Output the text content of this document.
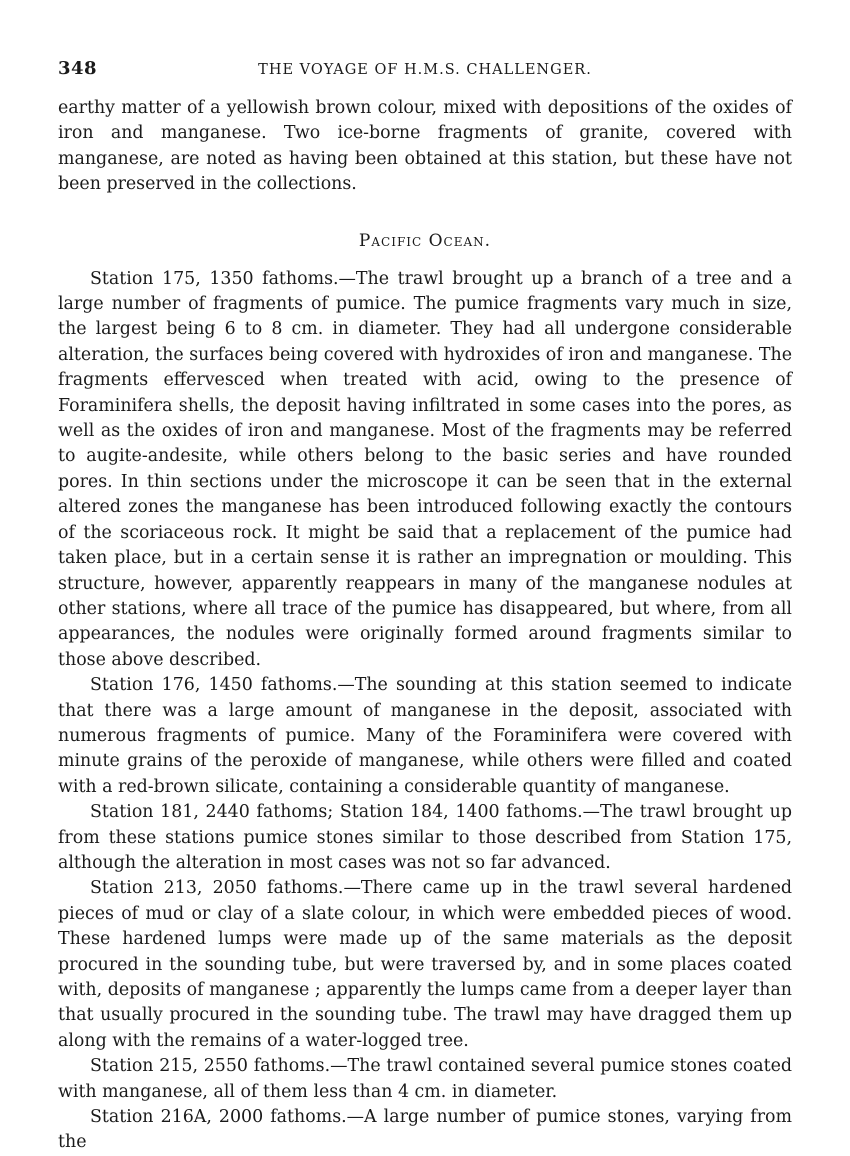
348	THE VOYAGE OF H.M.S. CHALLENGER.

earthy matter of a yellowish brown colour, mixed with depositions of the oxides of iron and manganese. Two ice-borne fragments of granite, covered with manganese, are noted as having been obtained at this station, but these have not been preserved in the collections.

Pacific Ocean.

Station 175, 1350 fathoms.—The trawl brought up a branch of a tree and a large number of fragments of pumice. The pumice fragments vary much in size, the largest being 6 to 8 cm. in diameter. They had all undergone considerable alteration, the surfaces being covered with hydroxides of iron and manganese. The fragments effervesced when treated with acid, owing to the presence of Foraminifera shells, the deposit having infiltrated in some cases into the pores, as well as the oxides of iron and manganese. Most of the fragments may be referred to augite-andesite, while others belong to the basic series and have rounded pores. In thin sections under the microscope it can be seen that in the external altered zones the manganese has been introduced following exactly the contours of the scoriaceous rock. It might be said that a replacement of the pumice had taken place, but in a certain sense it is rather an impregnation or moulding. This structure, however, apparently reappears in many of the manganese nodules at other stations, where all trace of the pumice has disappeared, but where, from all appearances, the nodules were originally formed around fragments similar to those above described.

Station 176, 1450 fathoms.—The sounding at this station seemed to indicate that there was a large amount of manganese in the deposit, associated with numerous fragments of pumice. Many of the Foraminifera were covered with minute grains of the peroxide of manganese, while others were filled and coated with a red-brown silicate, containing a considerable quantity of manganese.

Station 181, 2440 fathoms; Station 184, 1400 fathoms.—The trawl brought up from these stations pumice stones similar to those described from Station 175, although the alteration in most cases was not so far advanced.

Station 213, 2050 fathoms.—There came up in the trawl several hardened pieces of mud or clay of a slate colour, in which were embedded pieces of wood. These hardened lumps were made up of the same materials as the deposit procured in the sounding tube, but were traversed by, and in some places coated with, deposits of manganese ; apparently the lumps came from a deeper layer than that usually procured in the sounding tube. The trawl may have dragged them up along with the remains of a water-logged tree.

Station 215, 2550 fathoms.—The trawl contained several pumice stones coated with manganese, all of them less than 4 cm. in diameter.

Station 216A, 2000 fathoms.—A large number of pumice stones, varying from the
